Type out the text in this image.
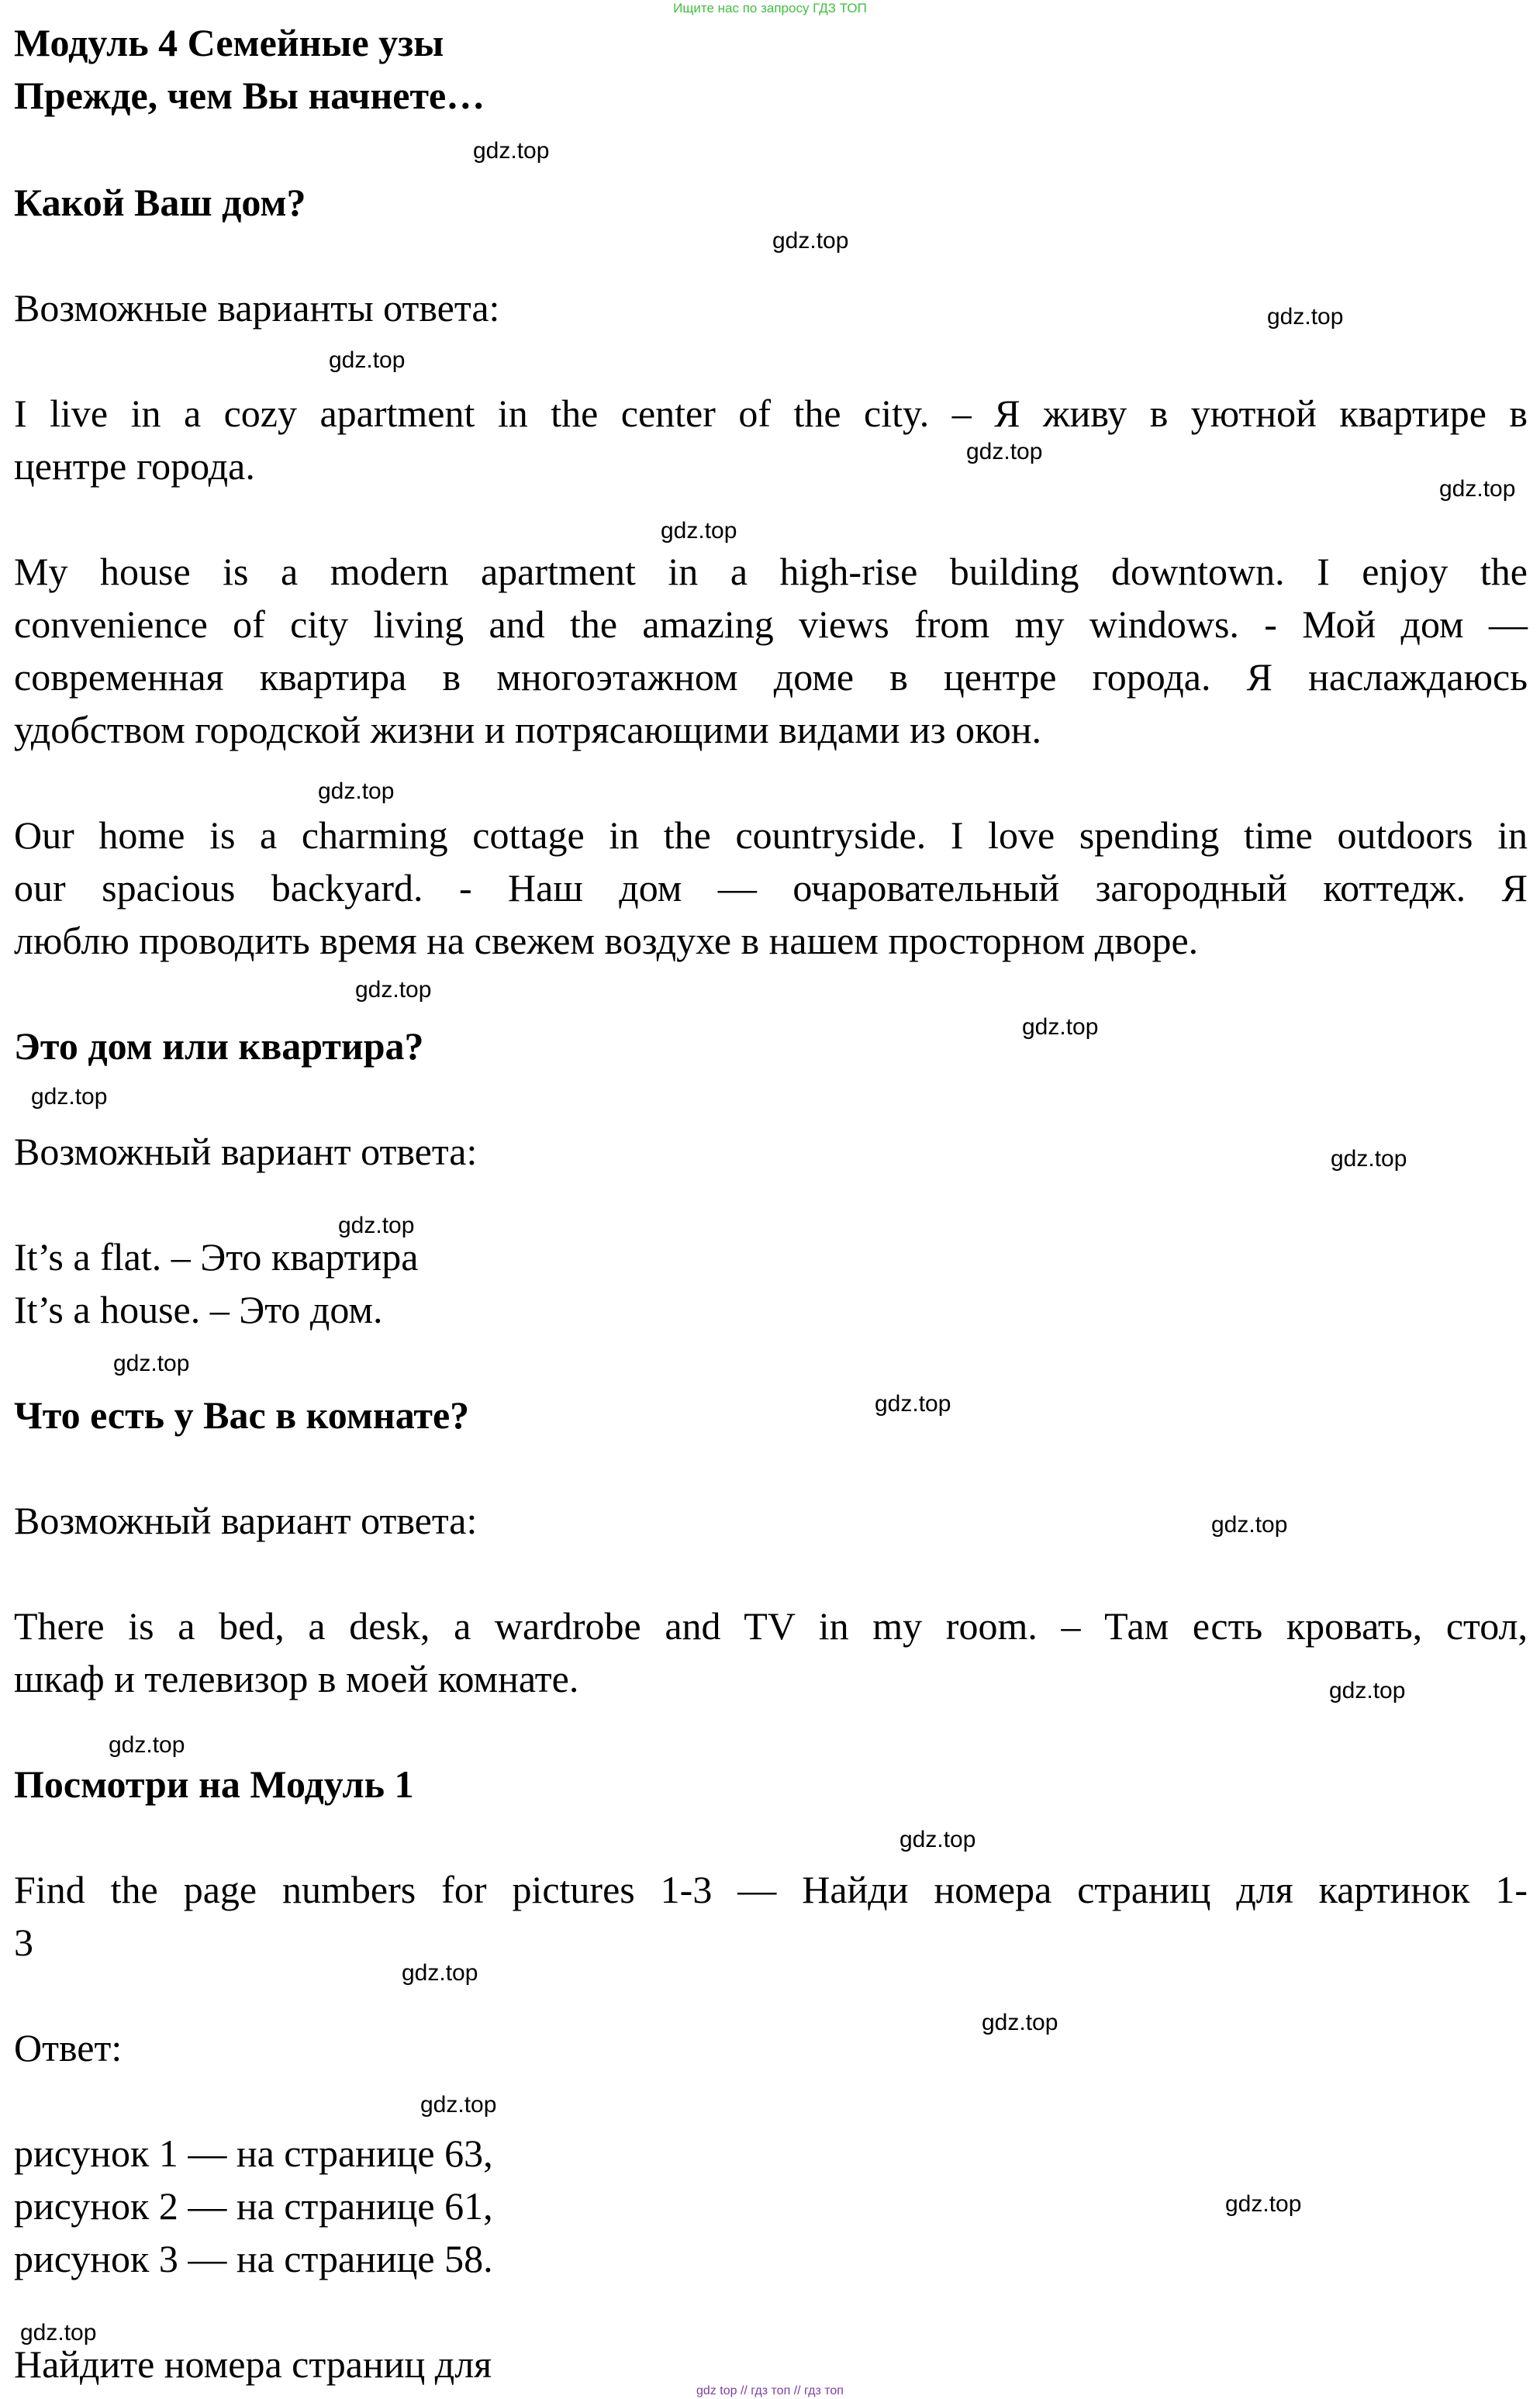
Ищите нас по запросу ГДЗ ТОП

Модуль 4 Семейные узы

Прежде, чем Вы начнете…

Какой Ваш дом?

Возможные варианты ответа:

I live in a cozy apartment in the center of the city. – Я живу в уютной квартире в

центре города.

My house is a modern apartment in a high-rise building downtown. I enjoy the

convenience of city living and the amazing views from my windows. - Мой дом —

современная квартира в многоэтажном доме в центре города. Я наслаждаюсь

удобством городской жизни и потрясающими видами из окон.

Our home is a charming cottage in the countryside. I love spending time outdoors in

our spacious backyard. - Наш дом — очаровательный загородный коттедж. Я

люблю проводить время на свежем воздухе в нашем просторном дворе.

Это дом или квартира?

Возможный вариант ответа:

It’s a flat. – Это квартира

It’s a house. – Это дом.

Что есть у Вас в комнате?

Возможный вариант ответа:

There is a bed, a desk, a wardrobe and TV in my room. – Там есть кровать, стол,

шкаф и телевизор в моей комнате.

Посмотри на Модуль 1

Find the page numbers for pictures 1-3 — Найди номера страниц для картинок 1-

3

Ответ:

рисунок 1 — на странице 63,

рисунок 2 — на странице 61,

рисунок 3 — на странице 58.

Найдите номера страниц для

gdz.top
gdz.top
gdz.top
gdz.top
gdz.top
gdz.top
gdz.top
gdz.top
gdz.top
gdz.top
gdz.top
gdz.top
gdz.top
gdz.top
gdz.top
gdz.top
gdz.top
gdz.top
gdz.top
gdz.top
gdz.top
gdz.top
gdz.top
gdz.top
gdz top // гдз топ // гдз топ
